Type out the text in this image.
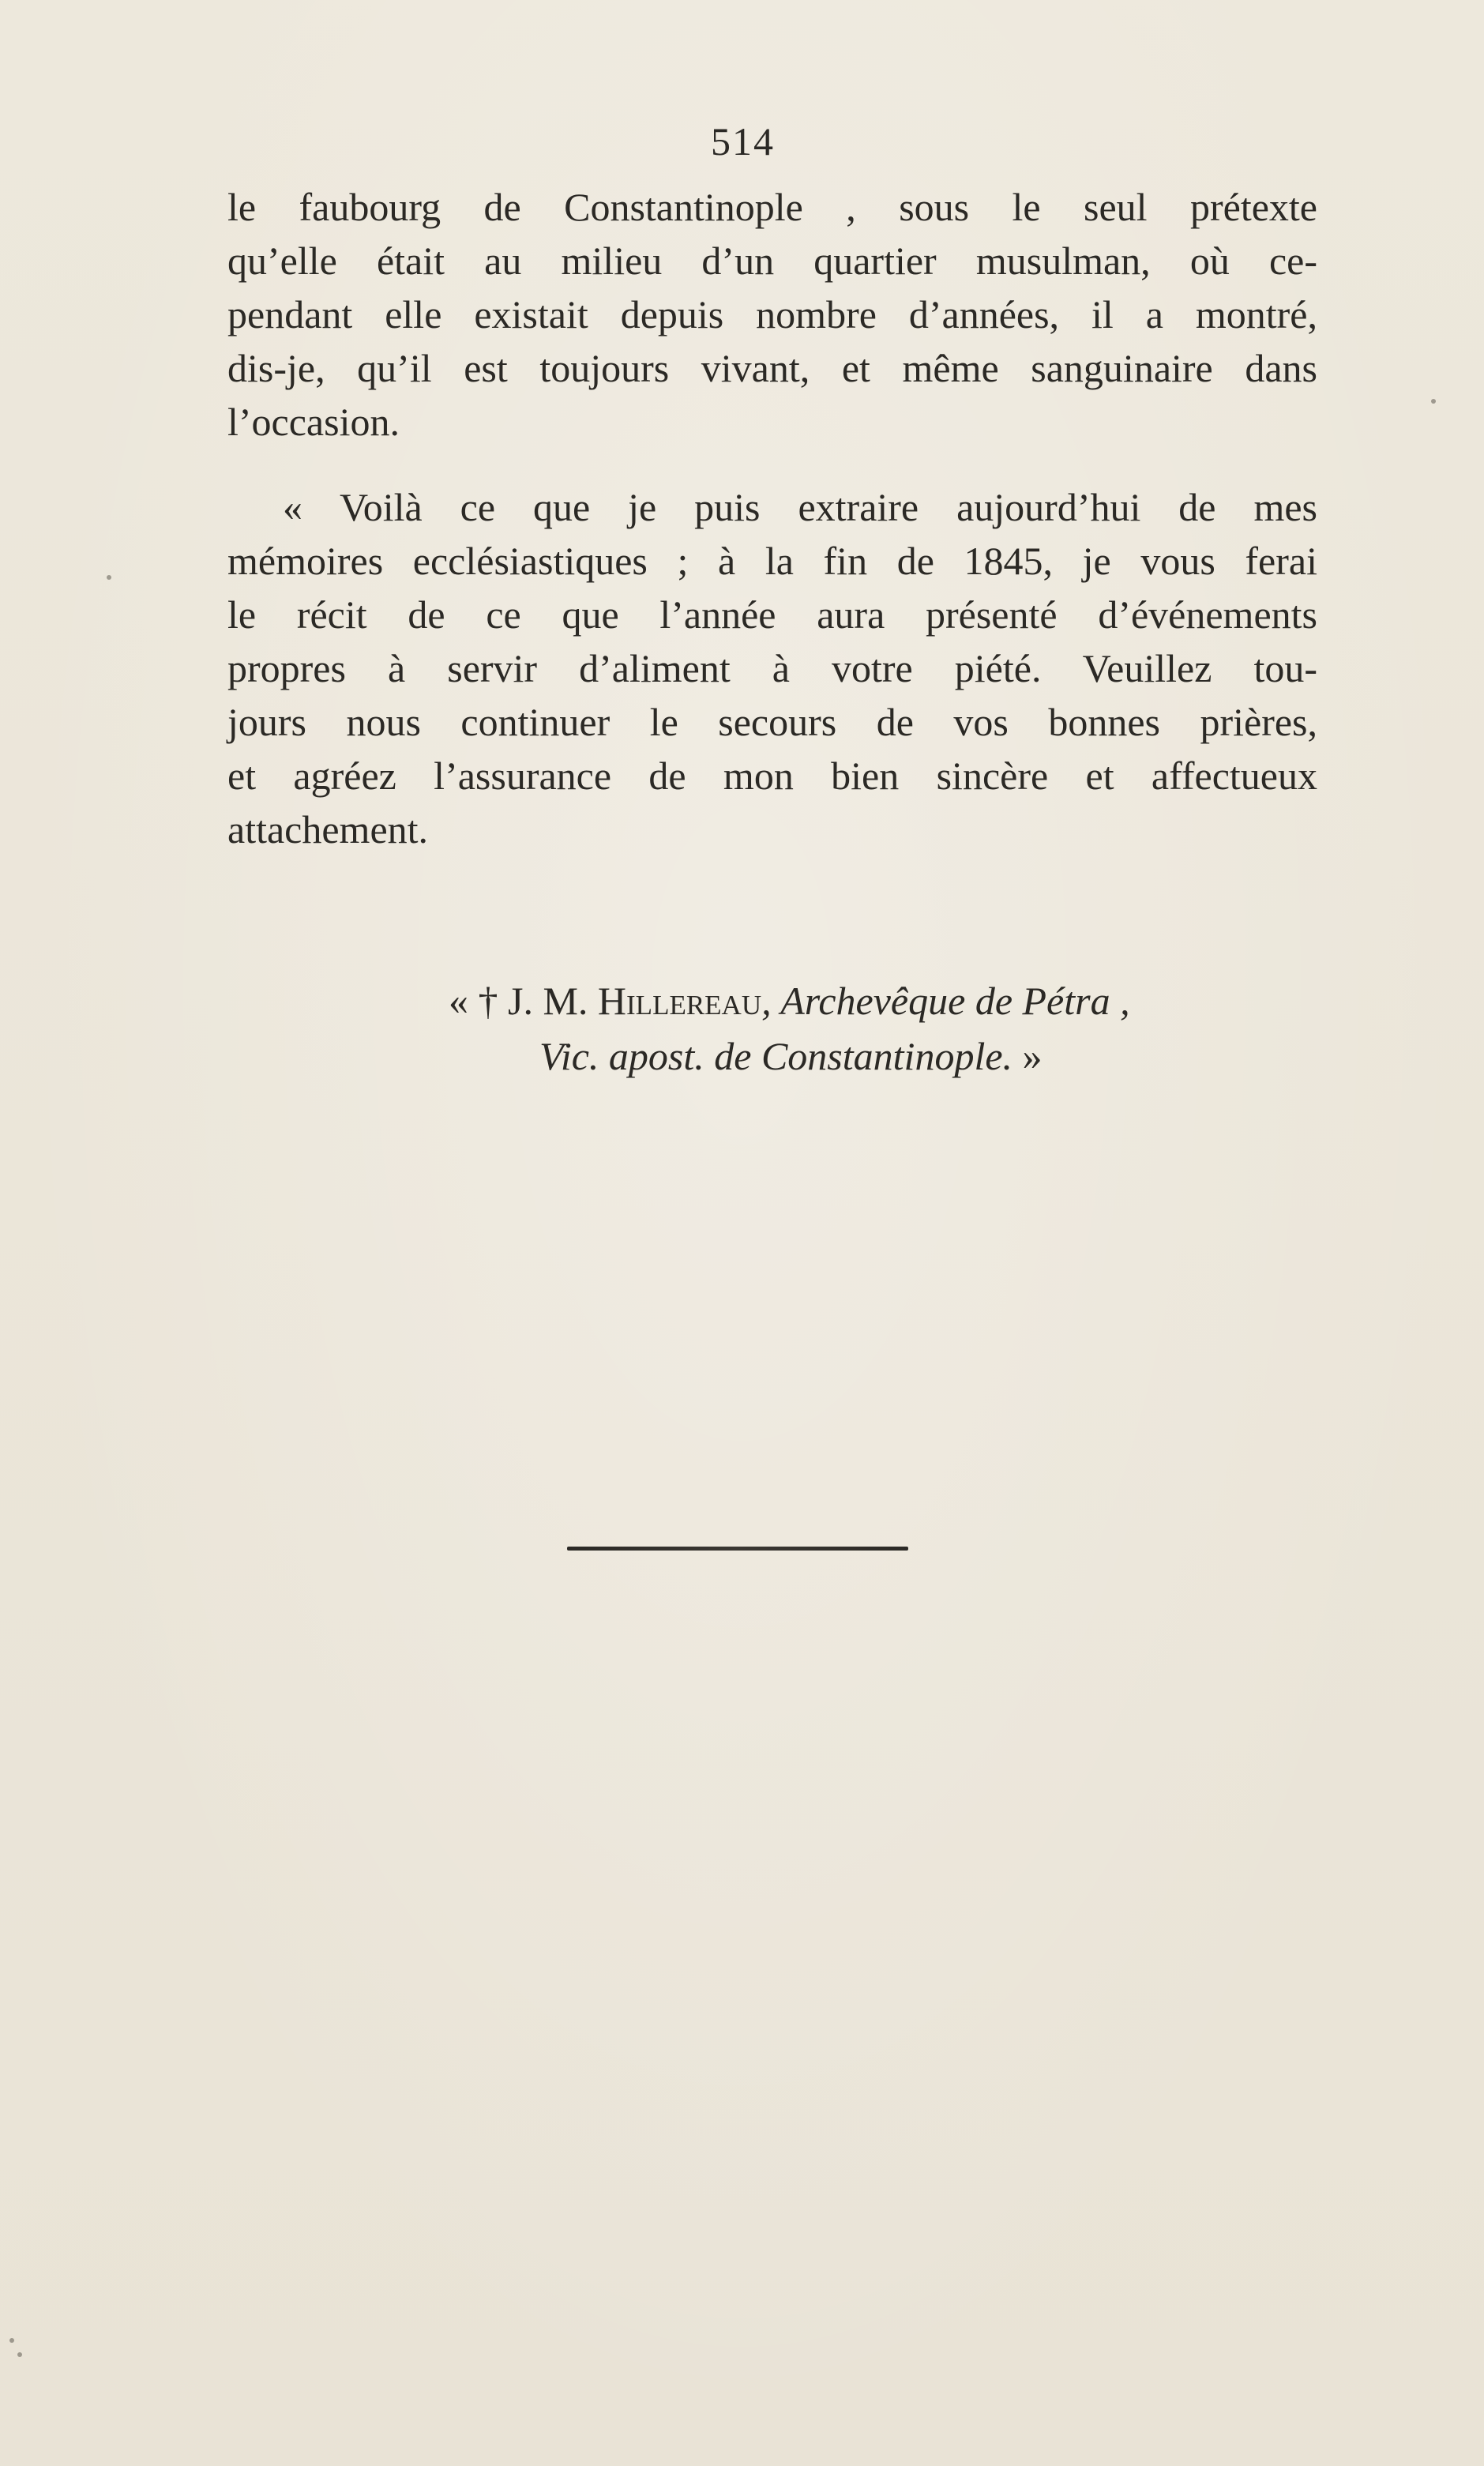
514
le faubourg de Constantinople , sous le seul prétexte
qu’elle était au milieu d’un quartier musulman, où ce-
pendant elle existait depuis nombre d’années, il a montré,
dis-je, qu’il est toujours vivant, et même sanguinaire dans
l’occasion.
« Voilà ce que je puis extraire aujourd’hui de mes
mémoires ecclésiastiques ; à la fin de 1845, je vous ferai
le récit de ce que l’année aura présenté d’événements
propres à servir d’aliment à votre piété. Veuillez tou-
jours nous continuer le secours de vos bonnes prières,
et agréez l’assurance de mon bien sincère et affectueux
attachement.
« † J. M. Hillereau, Archevêque de Pétra ,
Vic. apost. de Constantinople. »
